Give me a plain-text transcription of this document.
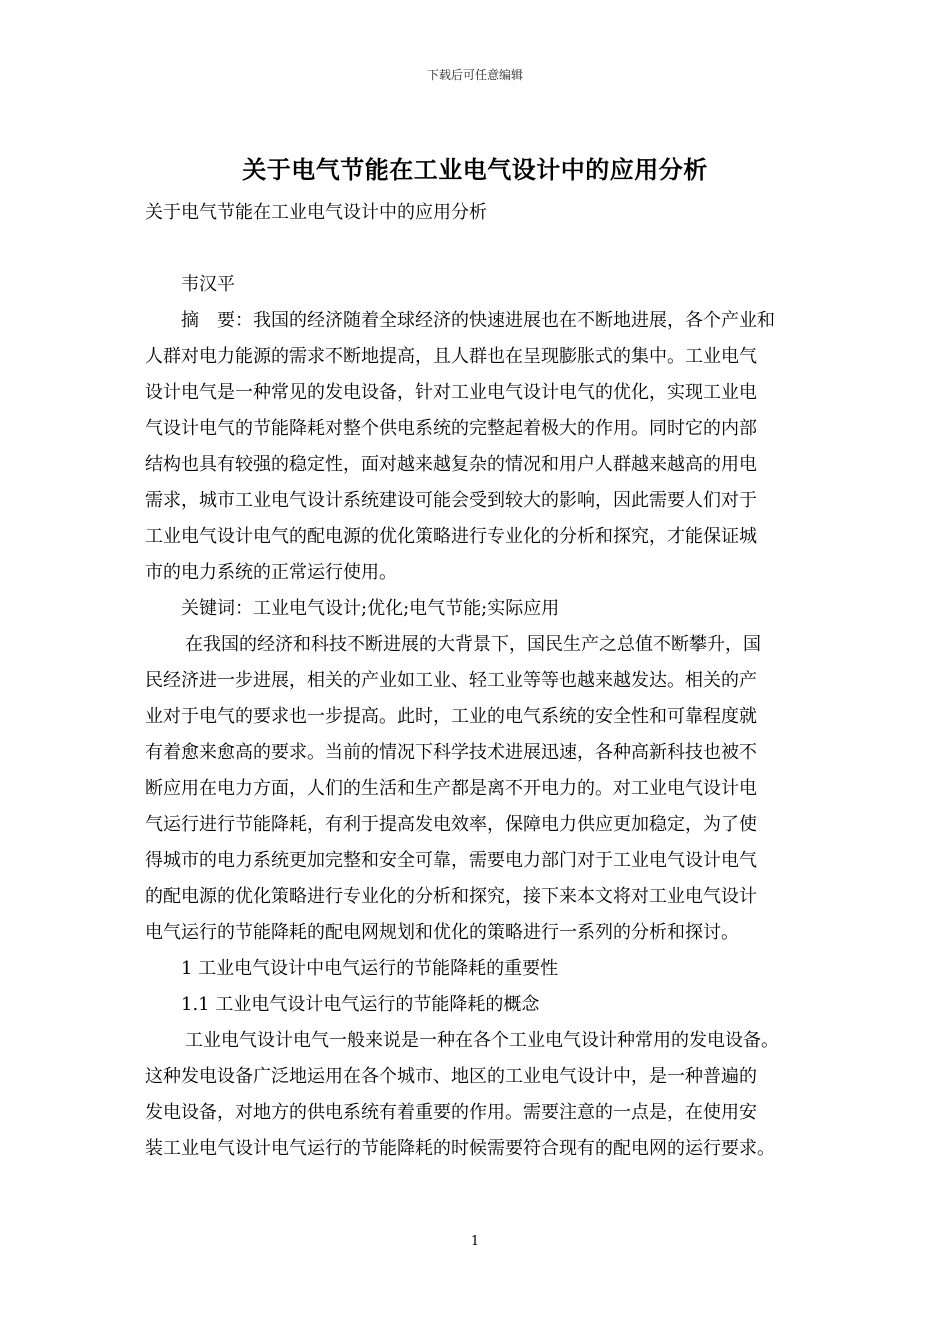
下载后可任意编辑
关于电气节能在工业电气设计中的应用分析
关于电气节能在工业电气设计中的应用分析
韦汉平
摘　要：我国的经济随着全球经济的快速进展也在不断地进展，各个产业和
人群对电力能源的需求不断地提高，且人群也在呈现膨胀式的集中。工业电气
设计电气是一种常见的发电设备，针对工业电气设计电气的优化，实现工业电
气设计电气的节能降耗对整个供电系统的完整起着极大的作用。同时它的内部
结构也具有较强的稳定性，面对越来越复杂的情况和用户人群越来越高的用电
需求，城市工业电气设计系统建设可能会受到较大的影响，因此需要人们对于
工业电气设计电气的配电源的优化策略进行专业化的分析和探究，才能保证城
市的电力系统的正常运行使用。
关键词：工业电气设计;优化;电气节能;实际应用
在我国的经济和科技不断进展的大背景下，国民生产之总值不断攀升，国
民经济进一步进展，相关的产业如工业、轻工业等等也越来越发达。相关的产
业对于电气的要求也一步提高。此时，工业的电气系统的安全性和可靠程度就
有着愈来愈高的要求。当前的情况下科学技术进展迅速，各种高新科技也被不
断应用在电力方面，人们的生活和生产都是离不开电力的。对工业电气设计电
气运行进行节能降耗，有利于提高发电效率，保障电力供应更加稳定，为了使
得城市的电力系统更加完整和安全可靠，需要电力部门对于工业电气设计电气
的配电源的优化策略进行专业化的分析和探究，接下来本文将对工业电气设计
电气运行的节能降耗的配电网规划和优化的策略进行一系列的分析和探讨。
1 工业电气设计中电气运行的节能降耗的重要性
1.1 工业电气设计电气运行的节能降耗的概念
工业电气设计电气一般来说是一种在各个工业电气设计种常用的发电设备。
这种发电设备广泛地运用在各个城市、地区的工业电气设计中，是一种普遍的
发电设备，对地方的供电系统有着重要的作用。需要注意的一点是，在使用安
装工业电气设计电气运行的节能降耗的时候需要符合现有的配电网的运行要求。
1
